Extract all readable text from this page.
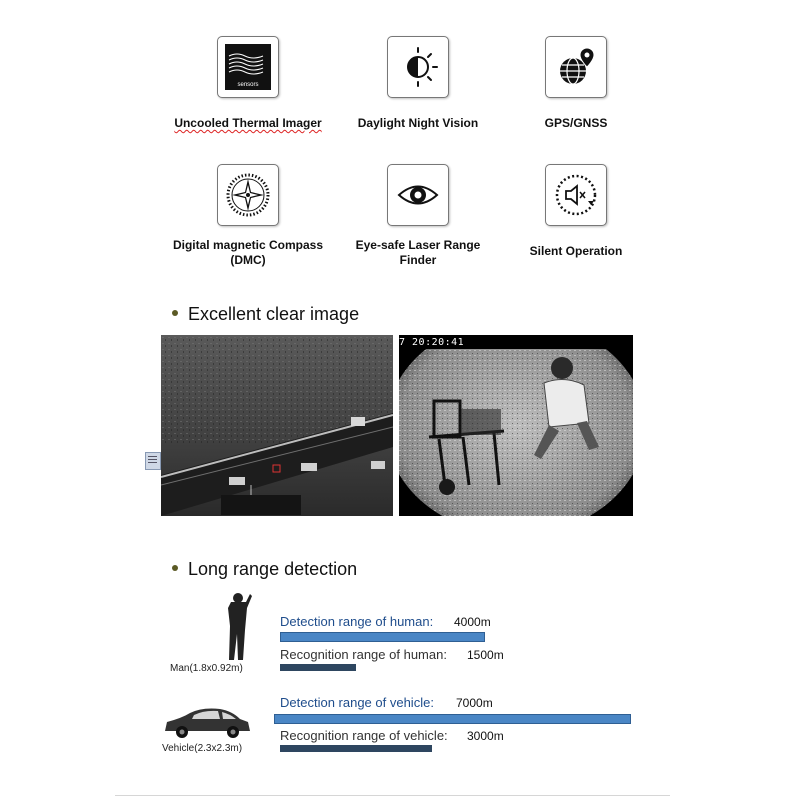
sensors
Uncooled Thermal Imager	Daylight Night Vision	GPS/GNSS
Digital magnetic Compass (DMC)
Eye-safe Laser Range Finder
Silent Operation
Excellent clear image
7 20:20:41
Long range detection
Man(1.8x0.92m)
Vehicle(2.3x2.3m)
Detection range of human: 4000m
Recognition range of human: 1500m
Detection range of vehicle: 7000m
Recognition range of vehicle: 3000m
